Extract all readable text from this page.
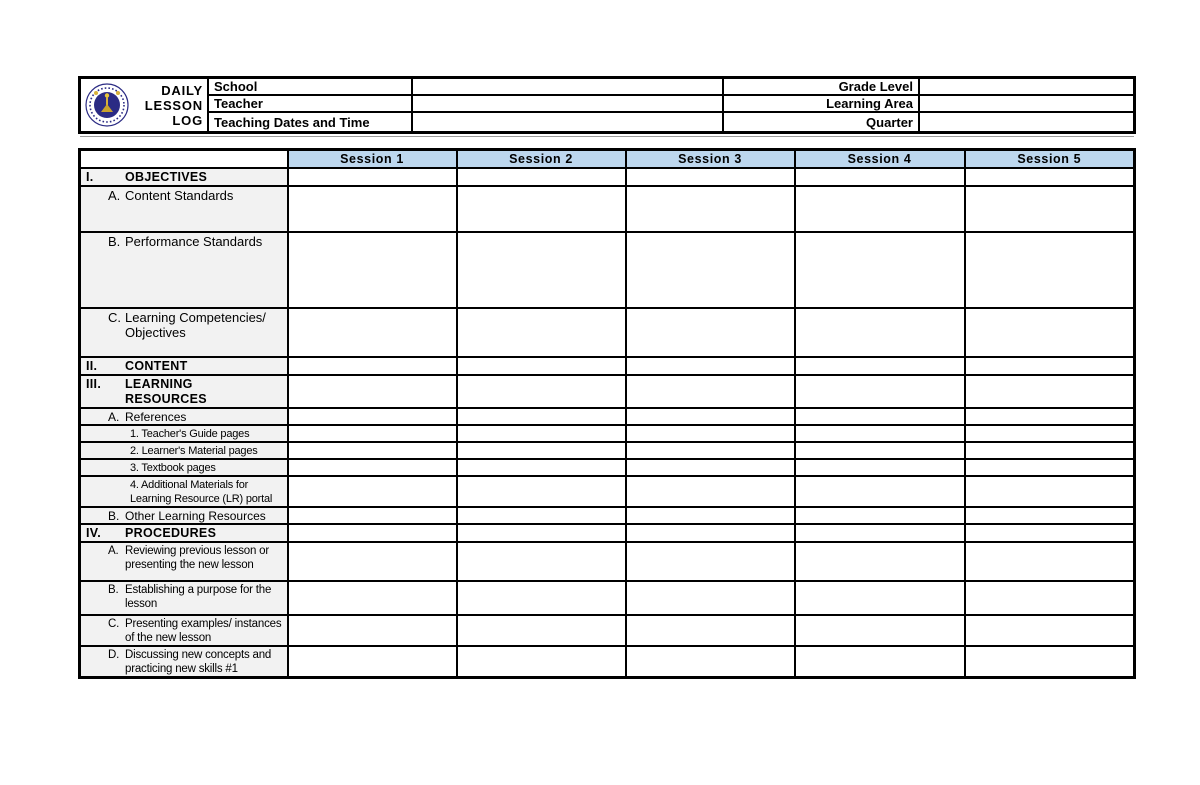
DAILY
LESSON
LOG
School	Grade Level
Teacher	Learning Area
Teaching Dates and Time	Quarter
	Session 1	Session 2	Session 3	Session 4	Session 5

I. OBJECTIVES					

A. Content Standards					

B. Performance Standards					

C. Learning Competencies/ Objectives					

II. CONTENT					

III. LEARNING RESOURCES					

A. References					

1. Teacher's Guide pages					

2. Learner's Material pages					

3. Textbook pages					

4. Additional Materials for Learning Resource (LR) portal					

B. Other Learning Resources					

IV. PROCEDURES					

A. Reviewing previous lesson or presenting the new lesson					

B. Establishing a purpose for the lesson					

C. Presenting examples/ instances of the new lesson					

D. Discussing new concepts and practicing new skills #1					
